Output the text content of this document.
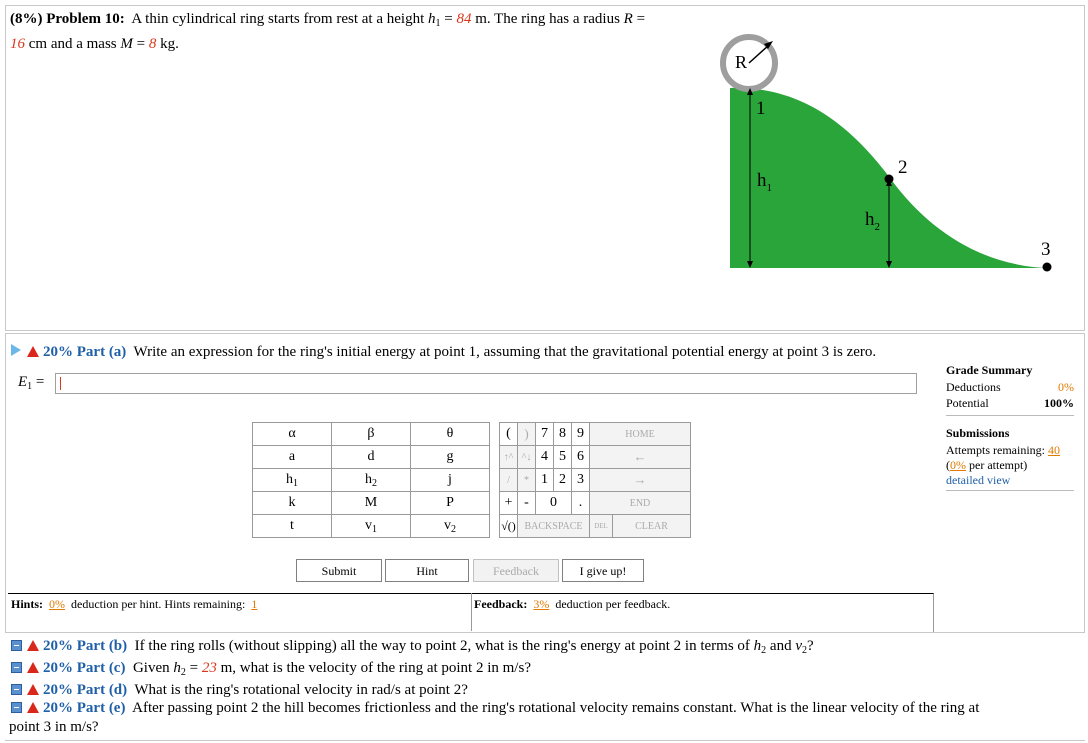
(8%) Problem 10: A thin cylindrical ring starts from rest at a height $h_1 = 84$ m. The ring has a radius R =
16 cm and a mass M = 8 kg.
R
1
$h_1$
2
$h_2$
3
20% Part (a) Write an expression for the ring's initial energy at point 1, assuming that the gravitational potential energy at point 3 is zero.
$E_1$ =
α	β	θ
a	d	g
$h_1$	$h_2$	j
k	M	P
t	$v_1$	$v_2$
(	)	7	8	9	HOME	
↑^	^↓	4	5	6	←	
/	*	1	2	3	→	
+	-	0		.	END	
√()	BACKSPACE				DEL	CLEAR
Submit	Hint	Feedback	I give up!
Hints: 0% deduction per hint. Hints remaining: 1	Feedback: 3% deduction per feedback.
Grade Summary
Deductions	0%
Potential	100%
Submissions
Attempts remaining: 40
(0% per attempt)
detailed view
20% Part (b) If the ring rolls (without slipping) all the way to point 2, what is the ring's energy at point 2 in terms of $h_2$ and $v_2$?
20% Part (c) Given $h_2 = 23$ m, what is the velocity of the ring at point 2 in m/s?
20% Part (d) What is the ring's rotational velocity in rad/s at point 2?
20% Part (e) After passing point 2 the hill becomes frictionless and the ring's rotational velocity remains constant. What is the linear velocity of the ring at
point 3 in m/s?
